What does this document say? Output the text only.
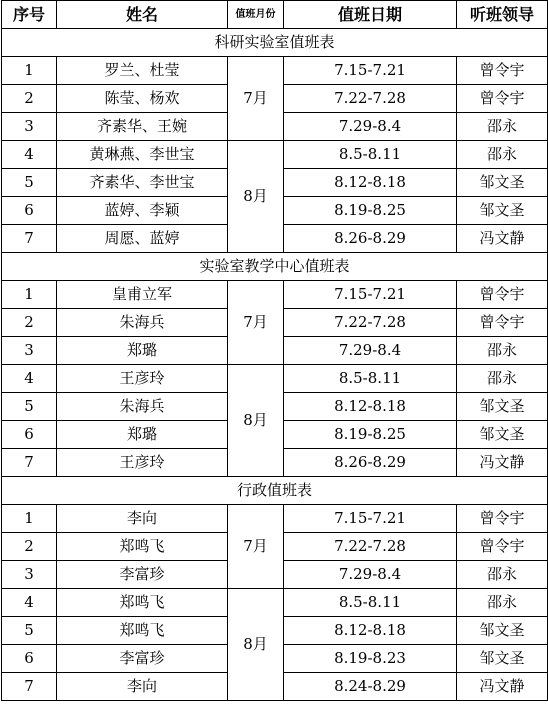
序号	姓名	值班月份	值班日期	听班领导
科研实验室值班表				
1	罗兰、杜莹	7月	7.15-7.21	曾令宇
2	陈莹、杨欢		7.22-7.28	曾令宇
3	齐素华、王婉		7.29-8.4	邵永
4	黄琳燕、李世宝	8月	8.5-8.11	邵永
5	齐素华、李世宝		8.12-8.18	邹文圣
6	蓝婷、李颖		8.19-8.25	邹文圣
7	周愿、蓝婷		8.26-8.29	冯文静
实验室教学中心值班表				
1	皇甫立军	7月	7.15-7.21	曾令宇
2	朱海兵		7.22-7.28	曾令宇
3	郑璐		7.29-8.4	邵永
4	王彦玲	8月	8.5-8.11	邵永
5	朱海兵		8.12-8.18	邹文圣
6	郑璐		8.19-8.25	邹文圣
7	王彦玲		8.26-8.29	冯文静
行政值班表				
1	李向	7月	7.15-7.21	曾令宇
2	郑鸣飞		7.22-7.28	曾令宇
3	李富珍		7.29-8.4	邵永
4	郑鸣飞	8月	8.5-8.11	邵永
5	郑鸣飞		8.12-8.18	邹文圣
6	李富珍		8.19-8.23	邹文圣
7	李向		8.24-8.29	冯文静
